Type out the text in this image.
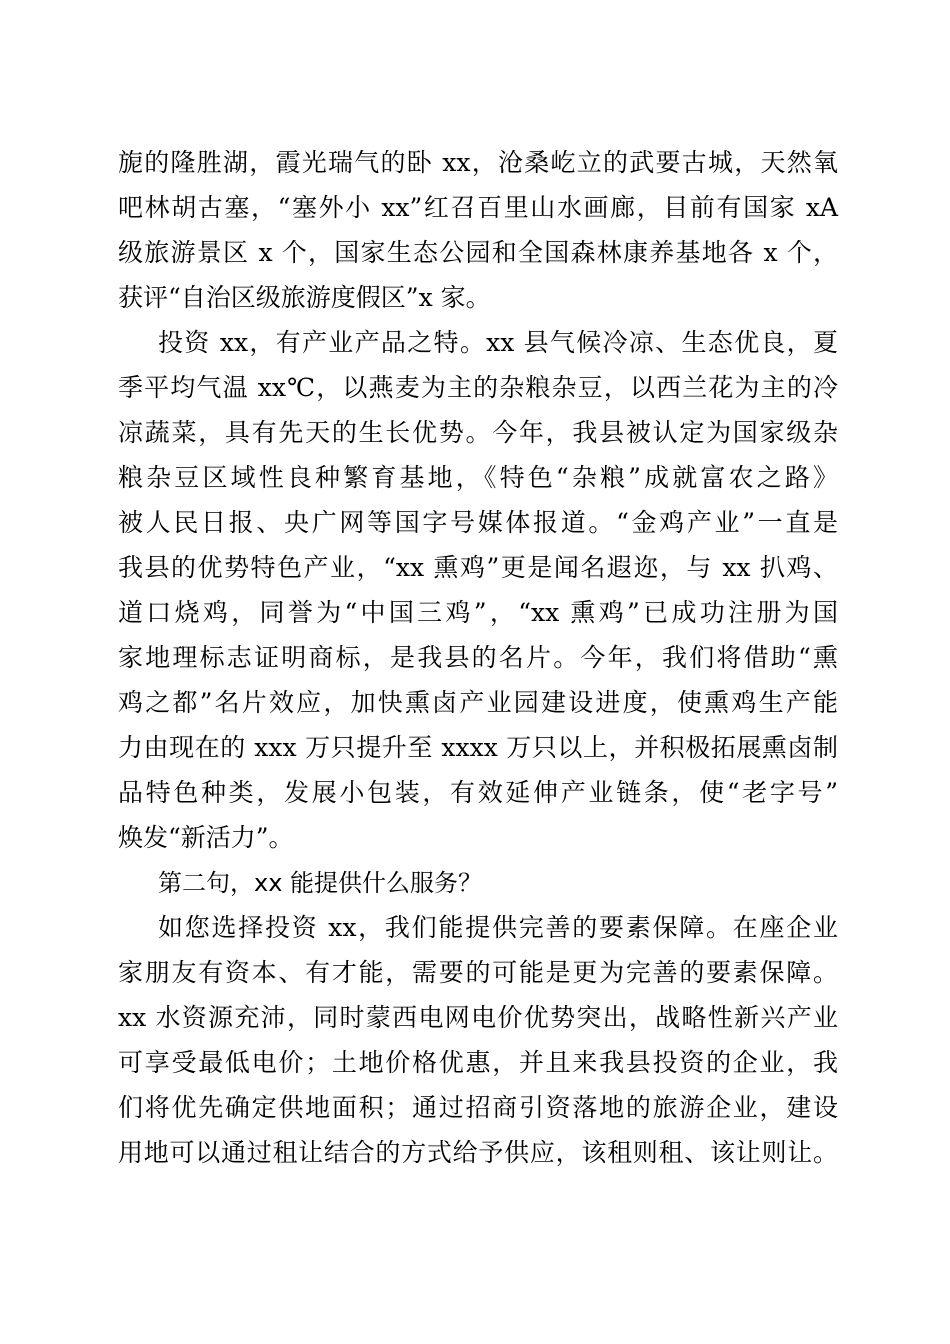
旎的隆胜湖，霞光瑞气的卧 xx，沧桑屹立的武要古城，天然氧
吧林胡古塞，“塞外小 xx”红召百里山水画廊，目前有国家 xA
级旅游景区 x 个，国家生态公园和全国森林康养基地各 x 个，
获评“自治区级旅游度假区”x 家。
投资 xx，有产业产品之特。xx 县气候冷凉、生态优良，夏
季平均气温 xx℃，以燕麦为主的杂粮杂豆，以西兰花为主的冷
凉蔬菜，具有先天的生长优势。今年，我县被认定为国家级杂
粮杂豆区域性良种繁育基地，《特色“杂粮”成就富农之路》
被人民日报、央广网等国字号媒体报道。“金鸡产业”一直是
我县的优势特色产业，“xx 熏鸡”更是闻名遐迩，与 xx 扒鸡、
道口烧鸡，同誉为“中国三鸡”，“xx 熏鸡”已成功注册为国
家地理标志证明商标，是我县的名片。今年，我们将借助“熏
鸡之都”名片效应，加快熏卤产业园建设进度，使熏鸡生产能
力由现在的 xxx 万只提升至 xxxx 万只以上，并积极拓展熏卤制
品特色种类，发展小包装，有效延伸产业链条，使“老字号”
焕发“新活力”。
第二句，xx 能提供什么服务？
如您选择投资 xx，我们能提供完善的要素保障。在座企业
家朋友有资本、有才能，需要的可能是更为完善的要素保障。
xx 水资源充沛，同时蒙西电网电价优势突出，战略性新兴产业
可享受最低电价；土地价格优惠，并且来我县投资的企业，我
们将优先确定供地面积；通过招商引资落地的旅游企业，建设
用地可以通过租让结合的方式给予供应，该租则租、该让则让。
